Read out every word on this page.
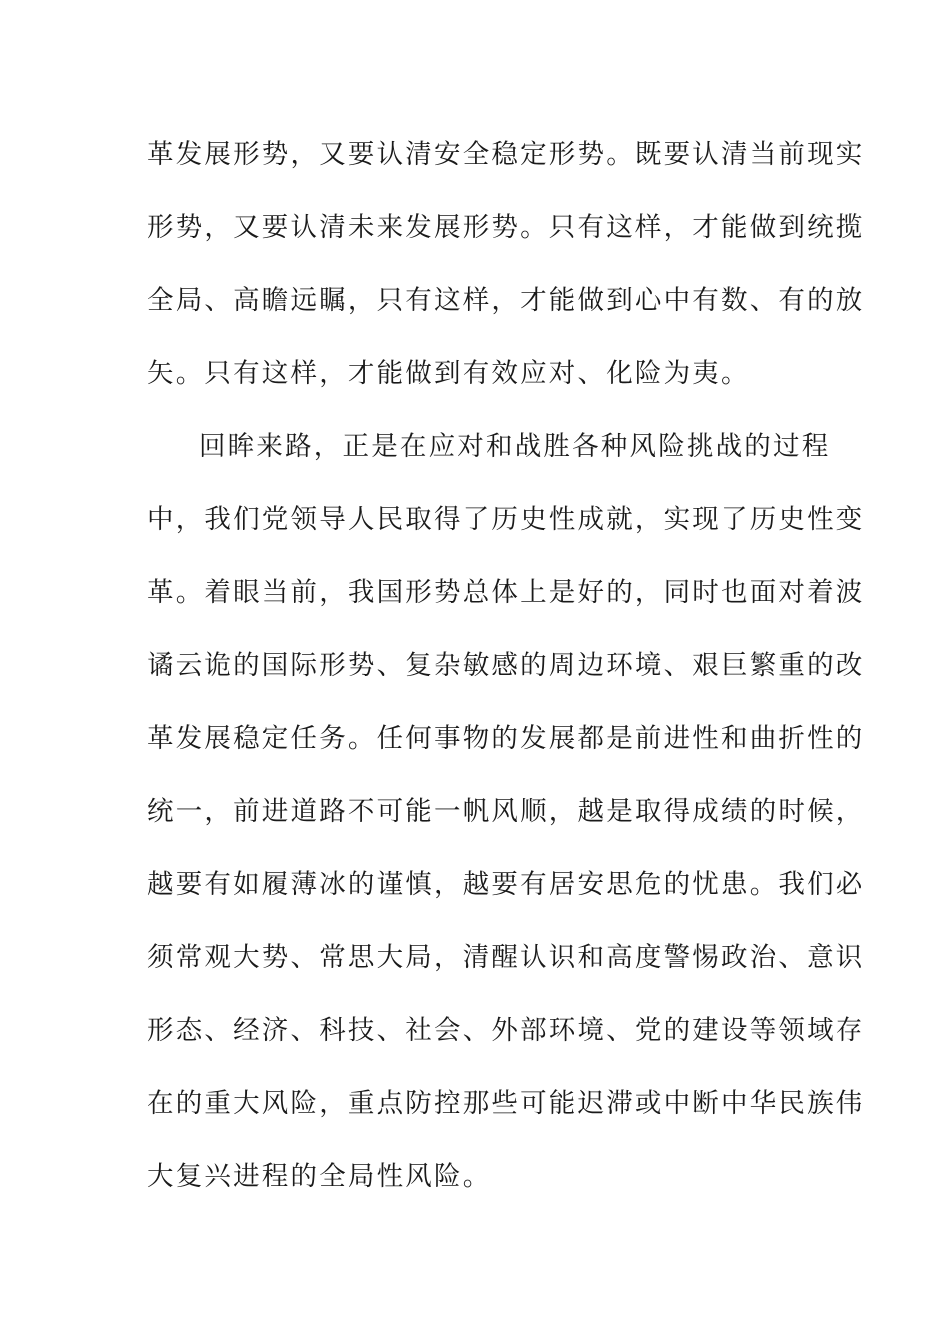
革发展形势，又要认清安全稳定形势。既要认清当前现实
形势，又要认清未来发展形势。只有这样，才能做到统揽
全局、高瞻远瞩，只有这样，才能做到心中有数、有的放
矢。只有这样，才能做到有效应对、化险为夷。
回眸来路，正是在应对和战胜各种风险挑战的过程
中，我们党领导人民取得了历史性成就，实现了历史性变
革。着眼当前，我国形势总体上是好的，同时也面对着波
谲云诡的国际形势、复杂敏感的周边环境、艰巨繁重的改
革发展稳定任务。任何事物的发展都是前进性和曲折性的
统一，前进道路不可能一帆风顺，越是取得成绩的时候，
越要有如履薄冰的谨慎，越要有居安思危的忧患。我们必
须常观大势、常思大局，清醒认识和高度警惕政治、意识
形态、经济、科技、社会、外部环境、党的建设等领域存
在的重大风险，重点防控那些可能迟滞或中断中华民族伟
大复兴进程的全局性风险。
